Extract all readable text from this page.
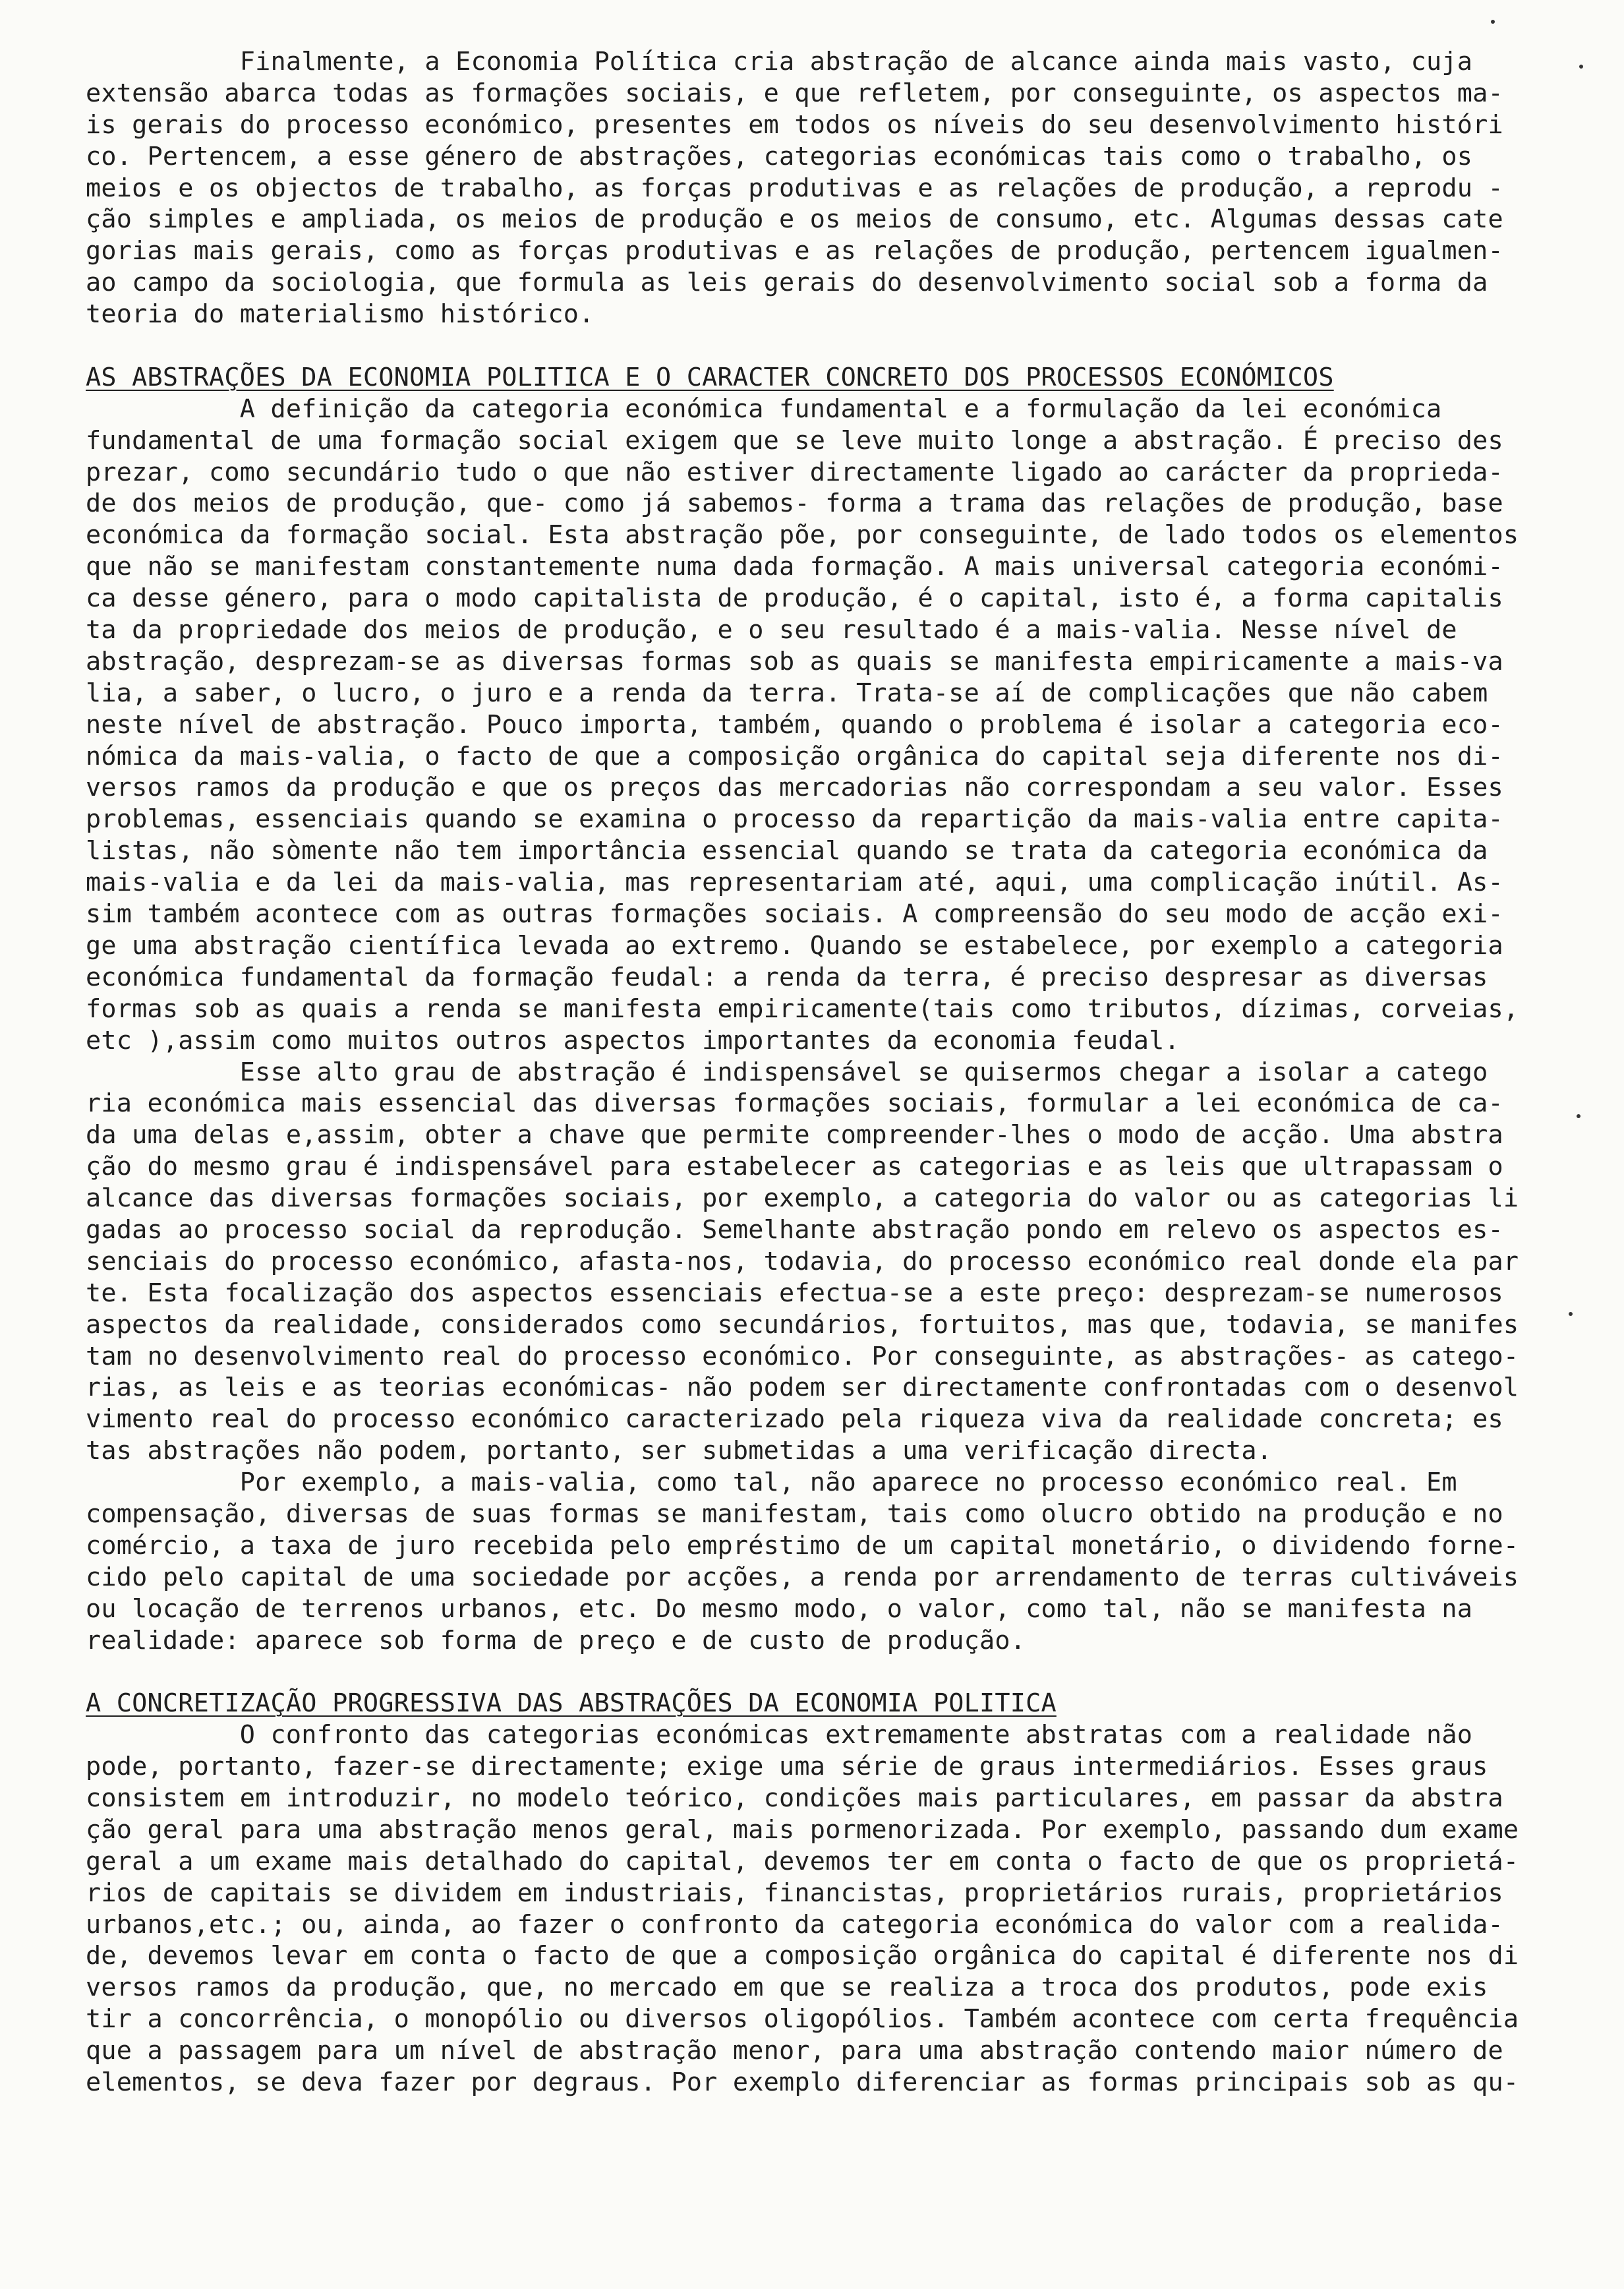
Finalmente, a Economia Política cria abstração de alcance ainda mais vasto, cuja
extensão abarca todas as formações sociais, e que refletem, por conseguinte, os aspectos ma-
is gerais do processo económico, presentes em todos os níveis do seu desenvolvimento históri
co. Pertencem, a esse género de abstrações, categorias económicas tais como o trabalho, os
meios e os objectos de trabalho, as forças produtivas e as relações de produção, a reprodu -
ção simples e ampliada, os meios de produção e os meios de consumo, etc. Algumas dessas cate
gorias mais gerais, como as forças produtivas e as relações de produção, pertencem igualmen-
ao campo da sociologia, que formula as leis gerais do desenvolvimento social sob a forma da
teoria do materialismo histórico.
AS ABSTRAÇÕES DA ECONOMIA POLITICA E O CARACTER CONCRETO DOS PROCESSOS ECONÓMICOS
A definição da categoria económica fundamental e a formulação da lei económica
fundamental de uma formação social exigem que se leve muito longe a abstração. É preciso des
prezar, como secundário tudo o que não estiver directamente ligado ao carácter da proprieda-
de dos meios de produção, que- como já sabemos- forma a trama das relações de produção, base
económica da formação social. Esta abstração põe, por conseguinte, de lado todos os elementos
que não se manifestam constantemente numa dada formação. A mais universal categoria económi-
ca desse género, para o modo capitalista de produção, é o capital, isto é, a forma capitalis
ta da propriedade dos meios de produção, e o seu resultado é a mais-valia. Nesse nível de
abstração, desprezam-se as diversas formas sob as quais se manifesta empiricamente a mais-va
lia, a saber, o lucro, o juro e a renda da terra. Trata-se aí de complicações que não cabem
neste nível de abstração. Pouco importa, também, quando o problema é isolar a categoria eco-
nómica da mais-valia, o facto de que a composição orgânica do capital seja diferente nos di-
versos ramos da produção e que os preços das mercadorias não correspondam a seu valor. Esses
problemas, essenciais quando se examina o processo da repartição da mais-valia entre capita-
listas, não sòmente não tem importância essencial quando se trata da categoria económica da
mais-valia e da lei da mais-valia, mas representariam até, aqui, uma complicação inútil. As-
sim também acontece com as outras formações sociais. A compreensão do seu modo de acção exi-
ge uma abstração científica levada ao extremo. Quando se estabelece, por exemplo a categoria
económica fundamental da formação feudal: a renda da terra, é preciso despresar as diversas
formas sob as quais a renda se manifesta empiricamente(tais como tributos, dízimas, corveias,
etc ),assim como muitos outros aspectos importantes da economia feudal.
Esse alto grau de abstração é indispensável se quisermos chegar a isolar a catego
ria económica mais essencial das diversas formações sociais, formular a lei económica de ca-
da uma delas e,assim, obter a chave que permite compreender-lhes o modo de acção. Uma abstra
ção do mesmo grau é indispensável para estabelecer as categorias e as leis que ultrapassam o
alcance das diversas formações sociais, por exemplo, a categoria do valor ou as categorias li
gadas ao processo social da reprodução. Semelhante abstração pondo em relevo os aspectos es-
senciais do processo económico, afasta-nos, todavia, do processo económico real donde ela par
te. Esta focalização dos aspectos essenciais efectua-se a este preço: desprezam-se numerosos
aspectos da realidade, considerados como secundários, fortuitos, mas que, todavia, se manifes
tam no desenvolvimento real do processo económico. Por conseguinte, as abstrações- as catego-
rias, as leis e as teorias económicas- não podem ser directamente confrontadas com o desenvol
vimento real do processo económico caracterizado pela riqueza viva da realidade concreta; es
tas abstrações não podem, portanto, ser submetidas a uma verificação directa.
Por exemplo, a mais-valia, como tal, não aparece no processo económico real. Em
compensação, diversas de suas formas se manifestam, tais como olucro obtido na produção e no
comércio, a taxa de juro recebida pelo empréstimo de um capital monetário, o dividendo forne-
cido pelo capital de uma sociedade por acções, a renda por arrendamento de terras cultiváveis
ou locação de terrenos urbanos, etc. Do mesmo modo, o valor, como tal, não se manifesta na
realidade: aparece sob forma de preço e de custo de produção.
A CONCRETIZAÇÃO PROGRESSIVA DAS ABSTRAÇÕES DA ECONOMIA POLITICA
O confronto das categorias económicas extremamente abstratas com a realidade não
pode, portanto, fazer-se directamente; exige uma série de graus intermediários. Esses graus
consistem em introduzir, no modelo teórico, condições mais particulares, em passar da abstra
ção geral para uma abstração menos geral, mais pormenorizada. Por exemplo, passando dum exame
geral a um exame mais detalhado do capital, devemos ter em conta o facto de que os proprietá-
rios de capitais se dividem em industriais, financistas, proprietários rurais, proprietários
urbanos,etc.; ou, ainda, ao fazer o confronto da categoria económica do valor com a realida-
de, devemos levar em conta o facto de que a composição orgânica do capital é diferente nos di
versos ramos da produção, que, no mercado em que se realiza a troca dos produtos, pode exis
tir a concorrência, o monopólio ou diversos oligopólios. Também acontece com certa frequência
que a passagem para um nível de abstração menor, para uma abstração contendo maior número de
elementos, se deva fazer por degraus. Por exemplo diferenciar as formas principais sob as qu-
